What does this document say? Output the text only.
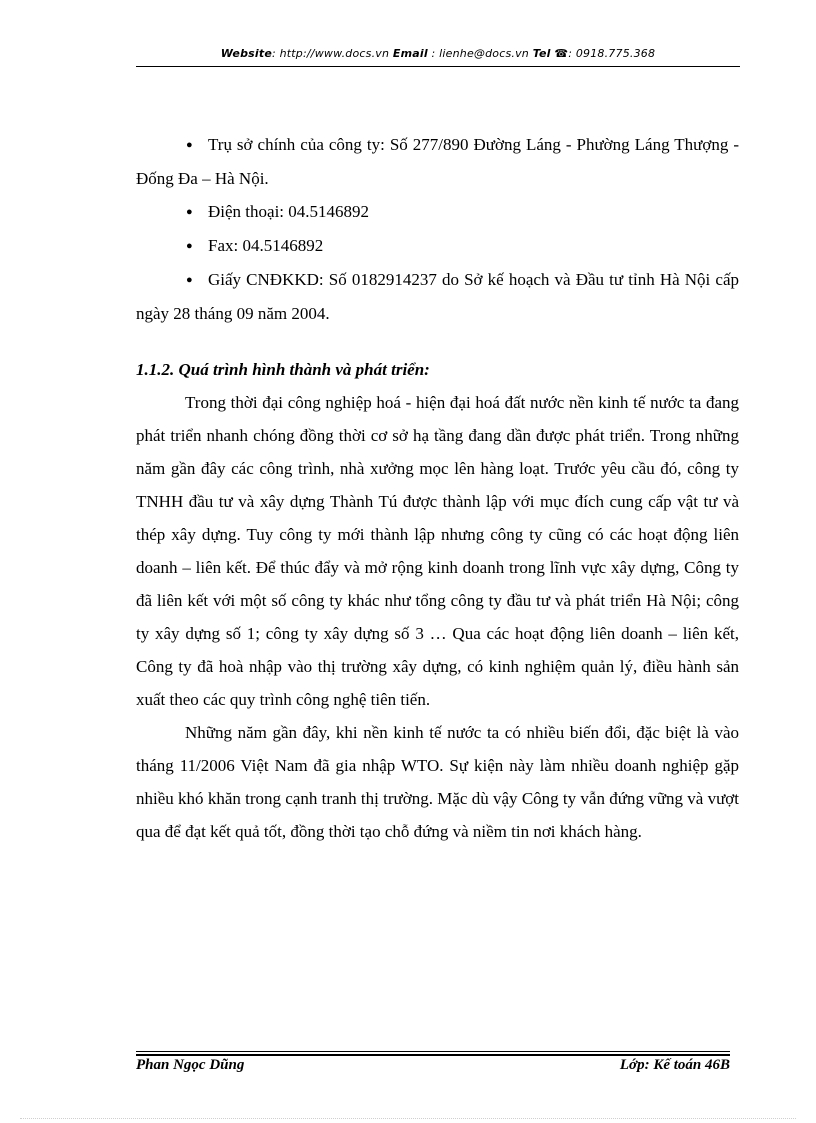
Website: http://www.docs.vn Email : lienhe@docs.vn Tel ☎: 0918.775.368

● Trụ sở chính của công ty: Số 277/890 Đường Láng - Phường Láng Thượng - Đống Đa – Hà Nội.

● Điện thoại: 04.5146892

● Fax: 04.5146892

● Giấy CNĐKKD: Số 0182914237 do Sở kế hoạch và Đầu tư tỉnh Hà Nội cấp ngày 28 tháng 09 năm 2004.

1.1.2. Quá trình hình thành và phát triển:

Trong thời đại công nghiệp hoá - hiện đại hoá đất nước nền kinh tế nước ta đang phát triển nhanh chóng đồng thời cơ sở hạ tầng đang dần được phát triển. Trong những năm gần đây các công trình, nhà xưởng mọc lên hàng loạt. Trước yêu cầu đó, công ty TNHH đầu tư và xây dựng Thành Tú được thành lập với mục đích cung cấp vật tư và thép xây dựng. Tuy công ty mới thành lập nhưng công ty cũng có các hoạt động liên doanh – liên kết. Để thúc đẩy và mở rộng kinh doanh trong lĩnh vực xây dựng, Công ty đã liên kết với một số công ty khác như tổng công ty đầu tư và phát triển Hà Nội; công ty xây dựng số 1; công ty xây dựng số 3 … Qua các hoạt động liên doanh – liên kết, Công ty đã hoà nhập vào thị trường xây dựng, có kinh nghiệm quản lý, điều hành sản xuất theo các quy trình công nghệ tiên tiến.

Những năm gần đây, khi nền kinh tế nước ta có nhiều biến đổi, đặc biệt là vào tháng 11/2006 Việt Nam đã gia nhập WTO. Sự kiện này làm nhiều doanh nghiệp gặp nhiều khó khăn trong cạnh tranh thị trường. Mặc dù vậy Công ty vẫn đứng vững và vượt qua để đạt kết quả tốt, đồng thời tạo chỗ đứng và niềm tin nơi khách hàng.

Phan Ngọc Dũng	Lớp: Kế toán 46B
